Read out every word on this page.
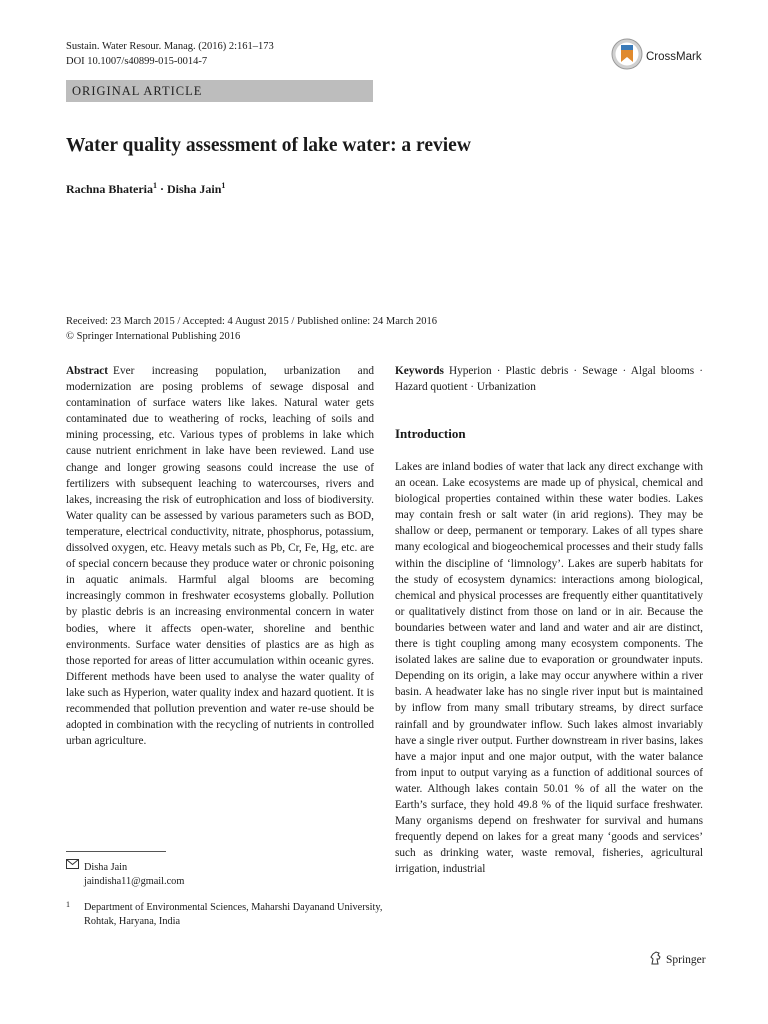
Sustain. Water Resour. Manag. (2016) 2:161–173
DOI 10.1007/s40899-015-0014-7	CrossMark
ORIGINAL ARTICLE
Water quality assessment of lake water: a review
Rachna Bhateria$^1$ · Disha Jain$^1$
Received: 23 March 2015 / Accepted: 4 August 2015 / Published online: 24 March 2016
© Springer International Publishing 2016
Abstract Ever increasing population, urbanization and modernization are posing problems of sewage disposal and contamination of surface waters like lakes. Natural water gets contaminated due to weathering of rocks, leaching of soils and mining processing, etc. Various types of problems in lake which cause nutrient enrichment in lake have been reviewed. Land use change and longer growing seasons could increase the use of fertilizers with subsequent leaching to watercourses, rivers and lakes, increasing the risk of eutrophication and loss of biodiversity. Water quality can be assessed by various parameters such as BOD, temperature, electrical conductivity, nitrate, phosphorus, potassium, dissolved oxygen, etc. Heavy metals such as Pb, Cr, Fe, Hg, etc. are of special concern because they produce water or chronic poisoning in aquatic animals. Harmful algal blooms are becoming increasingly common in freshwater ecosystems globally. Pollution by plastic debris is an increasing environmental concern in water bodies, where it affects open-water, shoreline and benthic environments. Surface water densities of plastics are as high as those reported for areas of litter accumulation within oceanic gyres. Different methods have been used to analyse the water quality of lake such as Hyperion, water quality index and hazard quotient. It is recommended that pollution prevention and water re-use should be adopted in combination with the recycling of nutrients in controlled urban agriculture.
Keywords Hyperion · Plastic debris · Sewage · Algal blooms · Hazard quotient · Urbanization
Introduction

Lakes are inland bodies of water that lack any direct exchange with an ocean. Lake ecosystems are made up of physical, chemical and biological properties contained within these water bodies. Lakes may contain fresh or salt water (in arid regions). They may be shallow or deep, permanent or temporary. Lakes of all types share many ecological and biogeochemical processes and their study falls within the discipline of ‘limnology’. Lakes are superb habitats for the study of ecosystem dynamics: interactions among biological, chemical and physical processes are frequently either quantitatively or qualitatively distinct from those on land or in air. Because the boundaries between water and land and water and air are distinct, there is tight coupling among many ecosystem components. The isolated lakes are saline due to evaporation or groundwater inputs. Depending on its origin, a lake may occur anywhere within a river basin. A headwater lake has no single river input but is maintained by inflow from many small tributary streams, by direct surface rainfall and by groundwater inflow. Such lakes almost invariably have a single river output. Further downstream in river basins, lakes have a major input and one major output, with the water balance from input to output varying as a function of additional sources of water. Although lakes contain 50.01 % of all the water on the Earth’s surface, they hold 49.8 % of the liquid surface freshwater. Many organisms depend on freshwater for survival and humans frequently depend on lakes for a great many ‘goods and services’ such as drinking water, waste removal, fisheries, agricultural irrigation, industrial

Disha Jain
jaindisha11@gmail.com
1 Department of Environmental Sciences, Maharshi Dayanand University, Rohtak, Haryana, India
Springer
